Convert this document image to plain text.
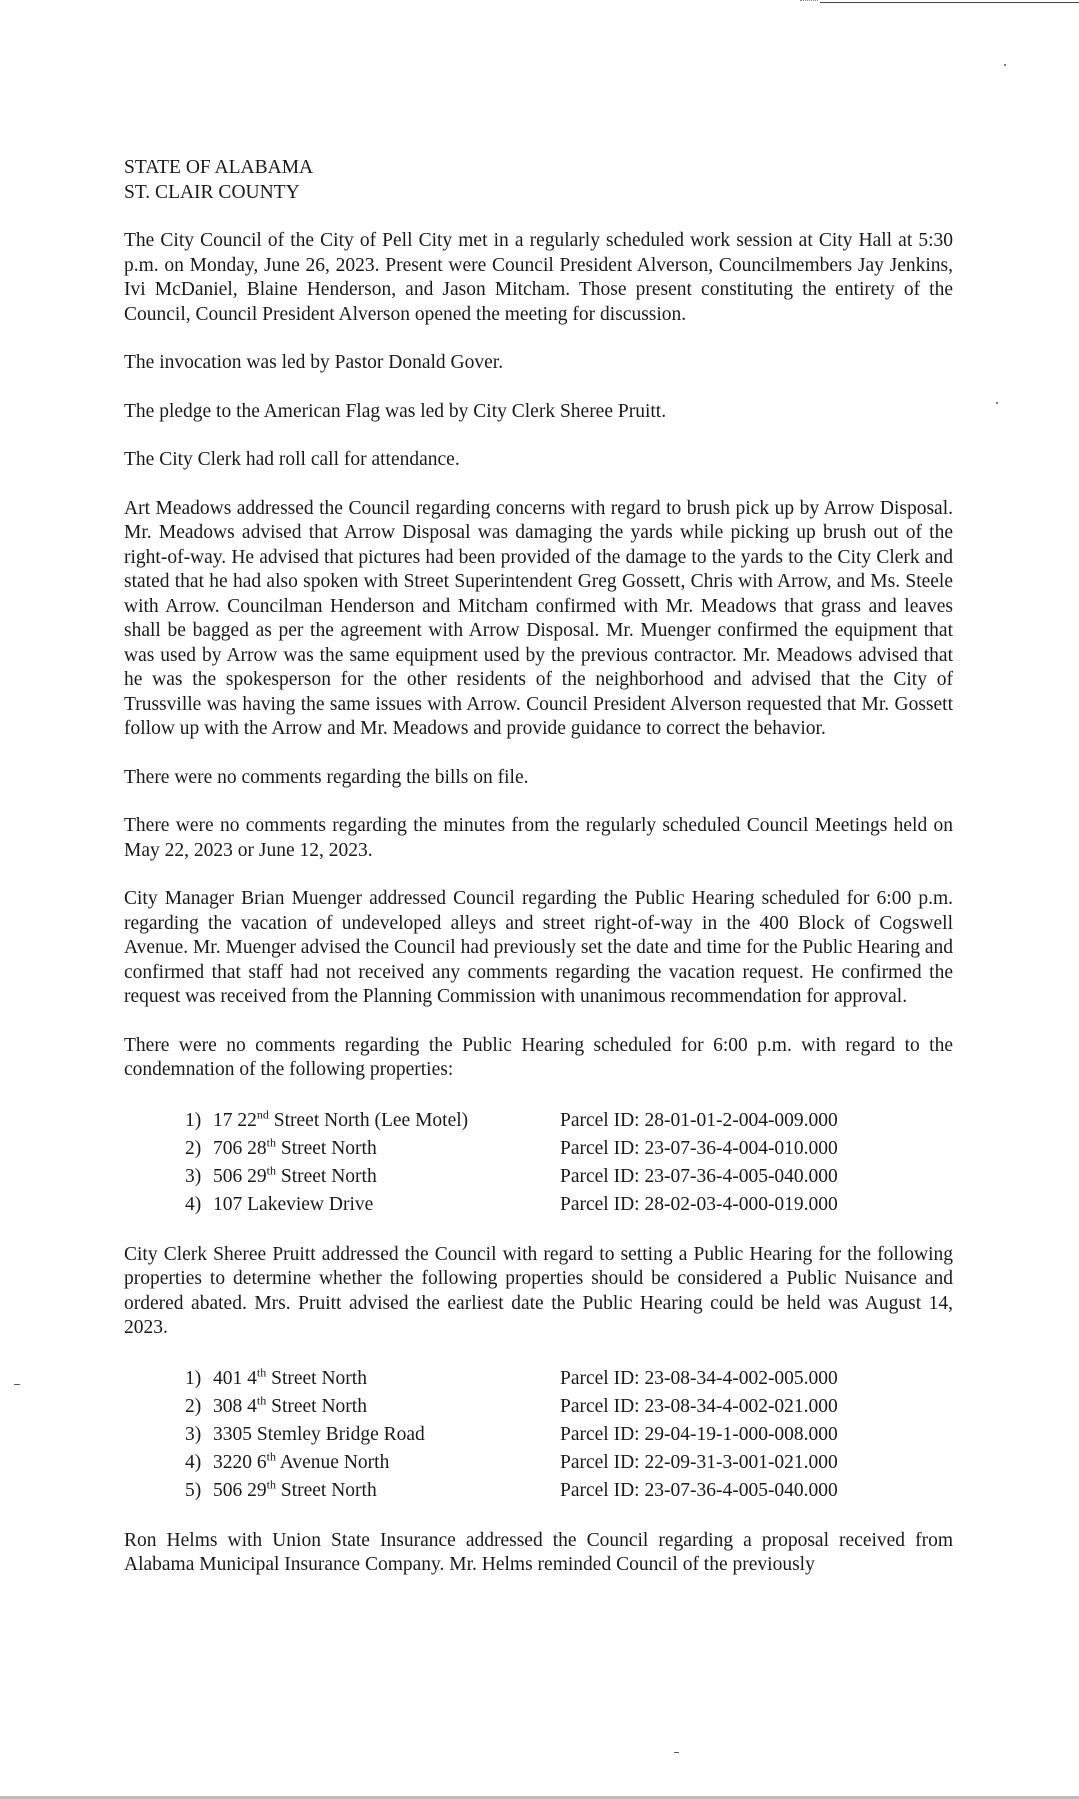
STATE OF ALABAMA
ST. CLAIR COUNTY

The City Council of the City of Pell City met in a regularly scheduled work session at City Hall at 5:30 p.m. on Monday, June 26, 2023. Present were Council President Alverson, Councilmembers Jay Jenkins, Ivi McDaniel, Blaine Henderson, and Jason Mitcham. Those present constituting the entirety of the Council, Council President Alverson opened the meeting for discussion.

The invocation was led by Pastor Donald Gover.

The pledge to the American Flag was led by City Clerk Sheree Pruitt.

The City Clerk had roll call for attendance.

Art Meadows addressed the Council regarding concerns with regard to brush pick up by Arrow Disposal. Mr. Meadows advised that Arrow Disposal was damaging the yards while picking up brush out of the right-of-way. He advised that pictures had been provided of the damage to the yards to the City Clerk and stated that he had also spoken with Street Superintendent Greg Gossett, Chris with Arrow, and Ms. Steele with Arrow. Councilman Henderson and Mitcham confirmed with Mr. Meadows that grass and leaves shall be bagged as per the agreement with Arrow Disposal. Mr. Muenger confirmed the equipment that was used by Arrow was the same equipment used by the previous contractor. Mr. Meadows advised that he was the spokesperson for the other residents of the neighborhood and advised that the City of Trussville was having the same issues with Arrow. Council President Alverson requested that Mr. Gossett follow up with the Arrow and Mr. Meadows and provide guidance to correct the behavior.

There were no comments regarding the bills on file.

There were no comments regarding the minutes from the regularly scheduled Council Meetings held on May 22, 2023 or June 12, 2023.

City Manager Brian Muenger addressed Council regarding the Public Hearing scheduled for 6:00 p.m. regarding the vacation of undeveloped alleys and street right-of-way in the 400 Block of Cogswell Avenue. Mr. Muenger advised the Council had previously set the date and time for the Public Hearing and confirmed that staff had not received any comments regarding the vacation request. He confirmed the request was received from the Planning Commission with unanimous recommendation for approval.

There were no comments regarding the Public Hearing scheduled for 6:00 p.m. with regard to the condemnation of the following properties:

1) 17 22nd Street North (Lee Motel)	Parcel ID: 28-01-01-2-004-009.000
2) 706 28th Street North	Parcel ID: 23-07-36-4-004-010.000
3) 506 29th Street North	Parcel ID: 23-07-36-4-005-040.000
4) 107 Lakeview Drive	Parcel ID: 28-02-03-4-000-019.000

City Clerk Sheree Pruitt addressed the Council with regard to setting a Public Hearing for the following properties to determine whether the following properties should be considered a Public Nuisance and ordered abated. Mrs. Pruitt advised the earliest date the Public Hearing could be held was August 14, 2023.

1) 401 4th Street North	Parcel ID: 23-08-34-4-002-005.000
2) 308 4th Street North	Parcel ID: 23-08-34-4-002-021.000
3) 3305 Stemley Bridge Road	Parcel ID: 29-04-19-1-000-008.000
4) 3220 6th Avenue North	Parcel ID: 22-09-31-3-001-021.000
5) 506 29th Street North	Parcel ID: 23-07-36-4-005-040.000

Ron Helms with Union State Insurance addressed the Council regarding a proposal received from Alabama Municipal Insurance Company. Mr. Helms reminded Council of the previously
